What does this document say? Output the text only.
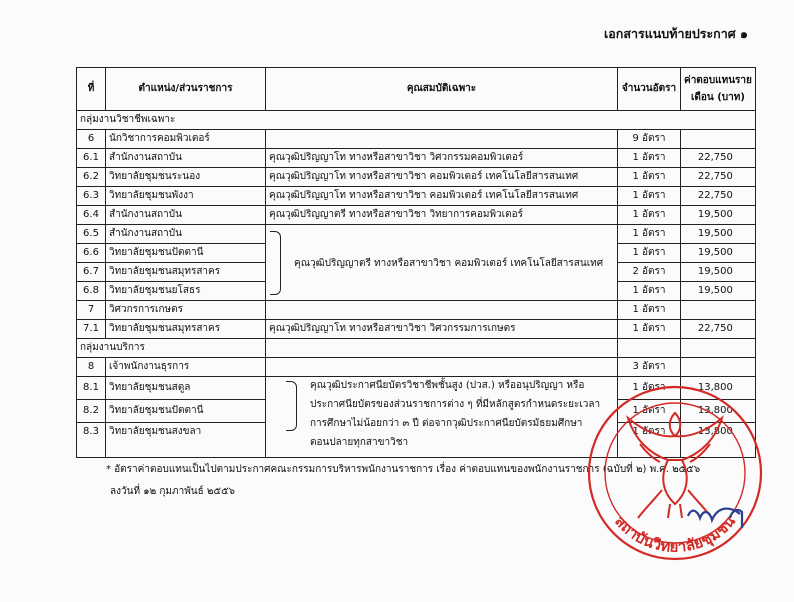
เอกสารแนบท้ายประกาศ ๑
ที่	ตำแหน่ง/ส่วนราชการ	คุณสมบัติเฉพาะ	จำนวนอัตรา	ค่าตอบแทนราย
เดือน (บาท)

กลุ่มงานวิชาชีพเฉพาะ				
6	นักวิชาการคอมพิวเตอร์		9 อัตรา	
6.1	สำนักงานสถาบัน	คุณวุฒิปริญญาโท ทางหรือสาขาวิชา วิศวกรรมคอมพิวเตอร์	1 อัตรา	22,750
6.2	วิทยาลัยชุมชนระนอง	คุณวุฒิปริญญาโท ทางหรือสาขาวิชา คอมพิวเตอร์ เทคโนโลยีสารสนเทศ	1 อัตรา	22,750
6.3	วิทยาลัยชุมชนพังงา	คุณวุฒิปริญญาโท ทางหรือสาขาวิชา คอมพิวเตอร์ เทคโนโลยีสารสนเทศ	1 อัตรา	22,750
6.4	สำนักงานสถาบัน	คุณวุฒิปริญญาตรี ทางหรือสาขาวิชา วิทยาการคอมพิวเตอร์	1 อัตรา	19,500
6.5	สำนักงานสถาบัน	คุณวุฒิปริญญาตรี ทางหรือสาขาวิชา คอมพิวเตอร์ เทคโนโลยีสารสนเทศ	1 อัตรา	19,500
6.6	วิทยาลัยชุมชนปัตตานี		1 อัตรา	19,500
6.7	วิทยาลัยชุมชนสมุทรสาคร		2 อัตรา	19,500
6.8	วิทยาลัยชุมชนยโสธร		1 อัตรา	19,500
7	วิศวกรการเกษตร		1 อัตรา	
7.1	วิทยาลัยชุมชนสมุทรสาคร	คุณวุฒิปริญญาโท ทางหรือสาขาวิชา วิศวกรรมการเกษตร	1 อัตรา	22,750
กลุ่มงานบริการ				
8	เจ้าพนักงานธุรการ		3 อัตรา	
8.1	วิทยาลัยชุมชนสตูล	คุณวุฒิประกาศนียบัตรวิชาชีพชั้นสูง (ปวส.) หรืออนุปริญญา หรือ
ประกาศนียบัตรของส่วนราชการต่าง ๆ ที่มีหลักสูตรกำหนดระยะเวลา
การศึกษาไม่น้อยกว่า ๓ ปี ต่อจากวุฒิประกาศนียบัตรมัธยมศึกษา
ตอนปลายทุกสาขาวิชา	1 อัตรา	13,800
8.2	วิทยาลัยชุมชนปัตตานี		1 อัตรา	13,800
8.3	วิทยาลัยชุมชนสงขลา		1 อัตรา	13,800
* อัตราค่าตอบแทนเป็นไปตามประกาศคณะกรรมการบริหารพนักงานราชการ เรื่อง ค่าตอบแทนของพนักงานราชการ (ฉบับที่ ๒) พ.ศ. ๒๕๕๖
ลงวันที่ ๑๒ กุมภาพันธ์ ๒๕๕๖
สถาบันวิทยาลัยชุมชน
